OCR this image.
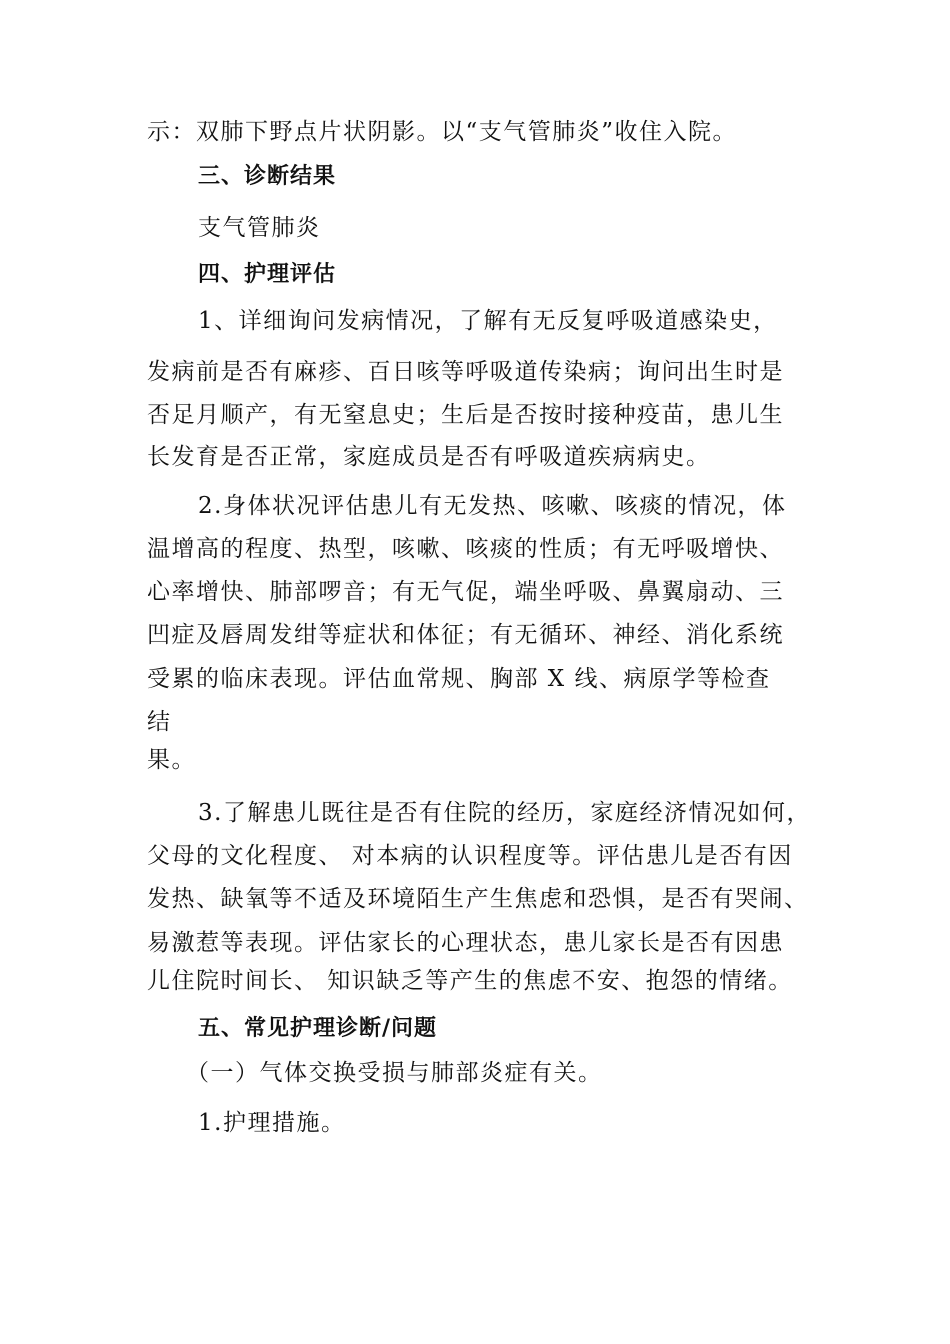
示：双肺下野点片状阴影。以“支气管肺炎”收住入院。
三、诊断结果
支气管肺炎
四、护理评估
1、详细询问发病情况，了解有无反复呼吸道感染史，
发病前是否有麻疹、百日咳等呼吸道传染病；询问出生时是
否足月顺产，有无窒息史；生后是否按时接种疫苗，患儿生
长发育是否正常，家庭成员是否有呼吸道疾病病史。
2.身体状况评估患儿有无发热、咳嗽、咳痰的情况，体
温增高的程度、热型，咳嗽、咳痰的性质；有无呼吸增快、
心率增快、肺部啰音；有无气促，端坐呼吸、鼻翼扇动、三
凹症及唇周发绀等症状和体征；有无循环、神经、消化系统
受累的临床表现。评估血常规、胸部 X 线、病原学等检查
结
果。
3.了解患儿既往是否有住院的经历，家庭经济情况如何，
父母的文化程度、 对本病的认识程度等。评估患儿是否有因
发热、缺氧等不适及环境陌生产生焦虑和恐惧，是否有哭闹、
易激惹等表现。评估家长的心理状态，患儿家长是否有因患
儿住院时间长、 知识缺乏等产生的焦虑不安、抱怨的情绪。
五、常见护理诊断/问题
（一）气体交换受损与肺部炎症有关。
1.护理措施。
